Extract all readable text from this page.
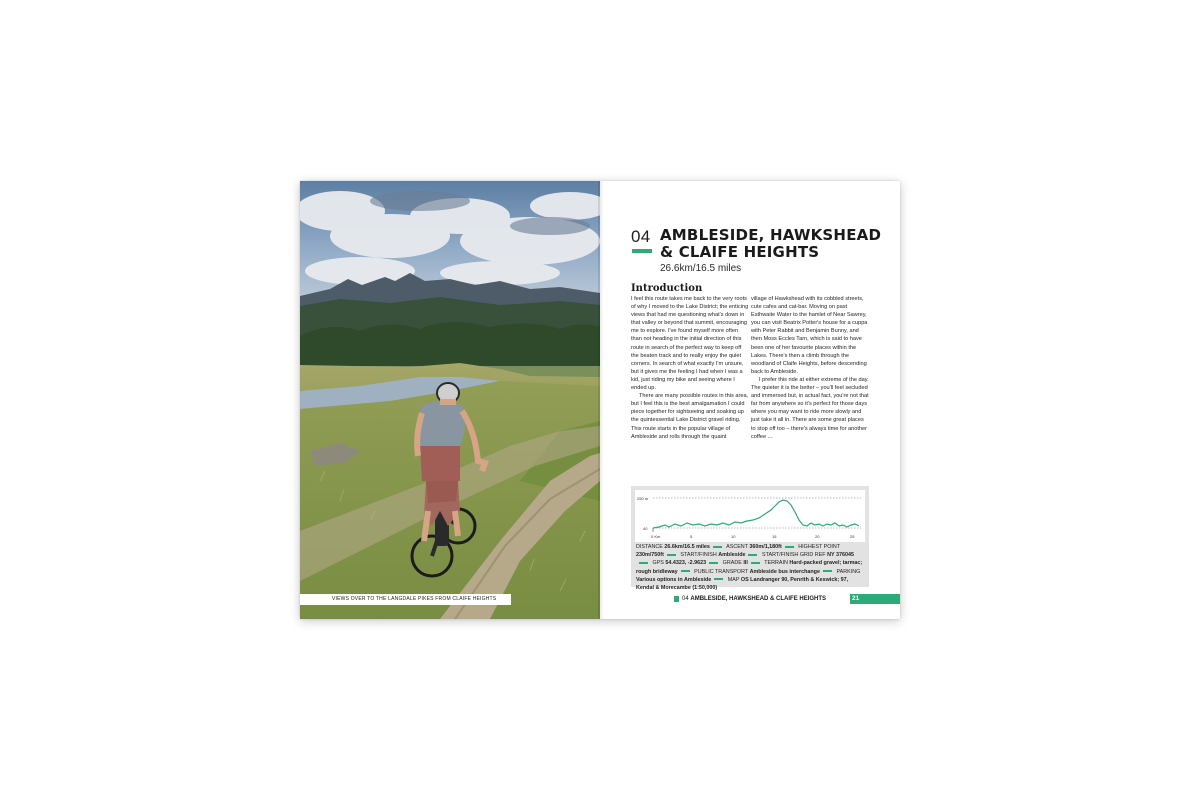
VIEWS OVER TO THE LANGDALE PIKES FROM CLAIFE HEIGHTS
04 AMBLESIDE, HAWKSHEAD & CLAIFE HEIGHTS
26.6km/16.5 miles
Introduction

I feel this route takes me back to the very roots of why I moved to the Lake District; the enticing views that had me questioning what's down in that valley or beyond that summit, encouraging me to explore. I've found myself more often than not heading in the initial direction of this route in search of the perfect way to keep off the beaten track and to really enjoy the quiet corners. In search of what exactly I'm unsure, but it gives me the feeling I had when I was a kid, just riding my bike and seeing where I ended up.

There are many possible routes in this area, but I feel this is the best amalgamation I could piece together for sightseeing and soaking up the quintessential Lake District gravel riding. This route starts in the popular village of Ambleside and rolls through the quaint

village of Hawkshead with its cobbled streets, cute cafes and cat-bar. Moving on past Esthwaite Water to the hamlet of Near Sawrey, you can visit Beatrix Potter's house for a cuppa with Peter Rabbit and Benjamin Bunny, and then Moss Eccles Tarn, which is said to have been one of her favourite places within the Lakes. There's then a climb through the woodland of Claife Heights, before descending back to Ambleside.

I prefer this ride at either extreme of the day. The quieter it is the better – you'll feel secluded and immersed but, in actual fact, you're not that far from anywhere so it's perfect for those days where you may want to ride more slowly and just take it all in. There are some great places to stop off too – there's always time for another coffee ...

250 m
40
0 Km	5	10	15	20	25
DISTANCE 26.6km/16.5 miles	ASCENT 360m/1,180ft	HIGHEST POINT 230m/750ft	START/FINISH Ambleside	START/FINISH GRID REF NY 376045 GPS 54.4323, -2.9623	GRADE III	TERRAIN Hard-packed gravel; tarmac; rough bridleway	PUBLIC TRANSPORT Ambleside bus interchange	PARKING Various options in Ambleside	MAP OS Landranger 90, Penrith & Keswick; 97, Kendal & Morecambe (1:50,000)
04 AMBLESIDE, HAWKSHEAD & CLAIFE HEIGHTS	21
